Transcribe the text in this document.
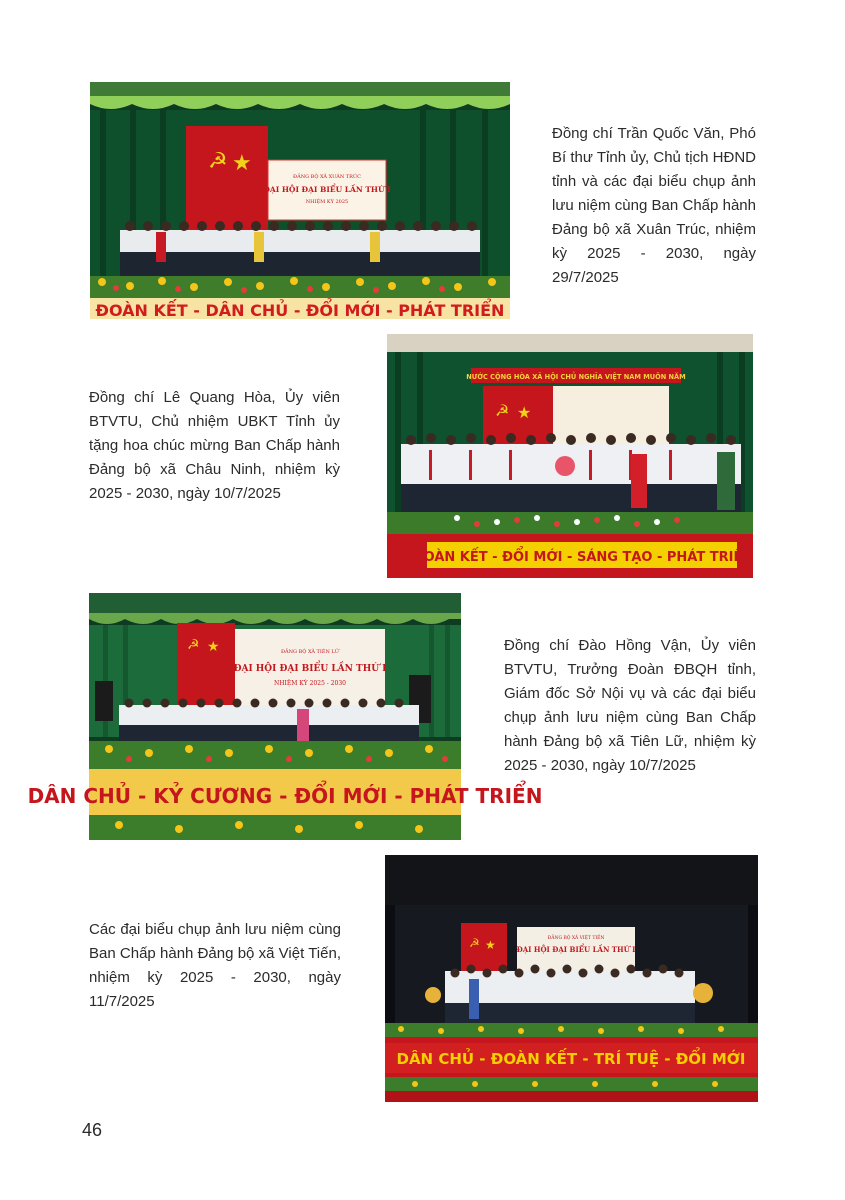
☭ ★
ĐẢNG BỘ XÃ XUÂN TRÚC
ĐẠI HỘI ĐẠI BIỂU LẦN THỨ I
NHIỆM KỲ 2025
ĐOÀN KẾT - DÂN CHỦ - ĐỔI MỚI - PHÁT TRIỂN
Đồng chí Trần Quốc Văn, Phó Bí thư Tỉnh ủy, Chủ tịch HĐND tỉnh và các đại biểu chụp ảnh lưu niệm cùng Ban Chấp hành Đảng bộ xã Xuân Trúc, nhiệm kỳ 2025 - 2030, ngày 29/7/2025
NƯỚC CỘNG HÒA XÃ HỘI CHỦ NGHĨA VIỆT NAM MUÔN NĂM
☭ ★
ĐOÀN KẾT - ĐỔI MỚI - SÁNG TẠO - PHÁT TRIỂN
Đồng chí Lê Quang Hòa, Ủy viên BTVTU, Chủ nhiệm UBKT Tỉnh ủy tặng hoa chúc mừng Ban Chấp hành Đảng bộ xã Châu Ninh, nhiệm kỳ 2025 - 2030, ngày 10/7/2025
☭ ★	ĐẢNG BỘ XÃ TIÊN LỮ
ĐẠI HỘI ĐẠI BIỂU LẦN THỨ I
NHIỆM KỲ 2025 - 2030
DÂN CHỦ - KỶ CƯƠNG - ĐỔI MỚI - PHÁT TRIỂN
Đồng chí Đào Hồng Vận, Ủy viên BTVTU, Trưởng Đoàn ĐBQH tỉnh, Giám đốc Sở Nội vụ và các đại biểu chụp ảnh lưu niệm cùng Ban Chấp hành Đảng bộ xã Tiên Lữ, nhiệm kỳ 2025 - 2030, ngày 10/7/2025
☭ ★	ĐẢNG BỘ XÃ VIỆT TIẾN
ĐẠI HỘI ĐẠI BIỂU LẦN THỨ I
DÂN CHỦ - ĐOÀN KẾT - TRÍ TUỆ - ĐỔI MỚI
Các đại biểu chụp ảnh lưu niệm cùng Ban Chấp hành Đảng bộ xã Việt Tiến, nhiệm kỳ 2025 - 2030, ngày 11/7/2025
46
